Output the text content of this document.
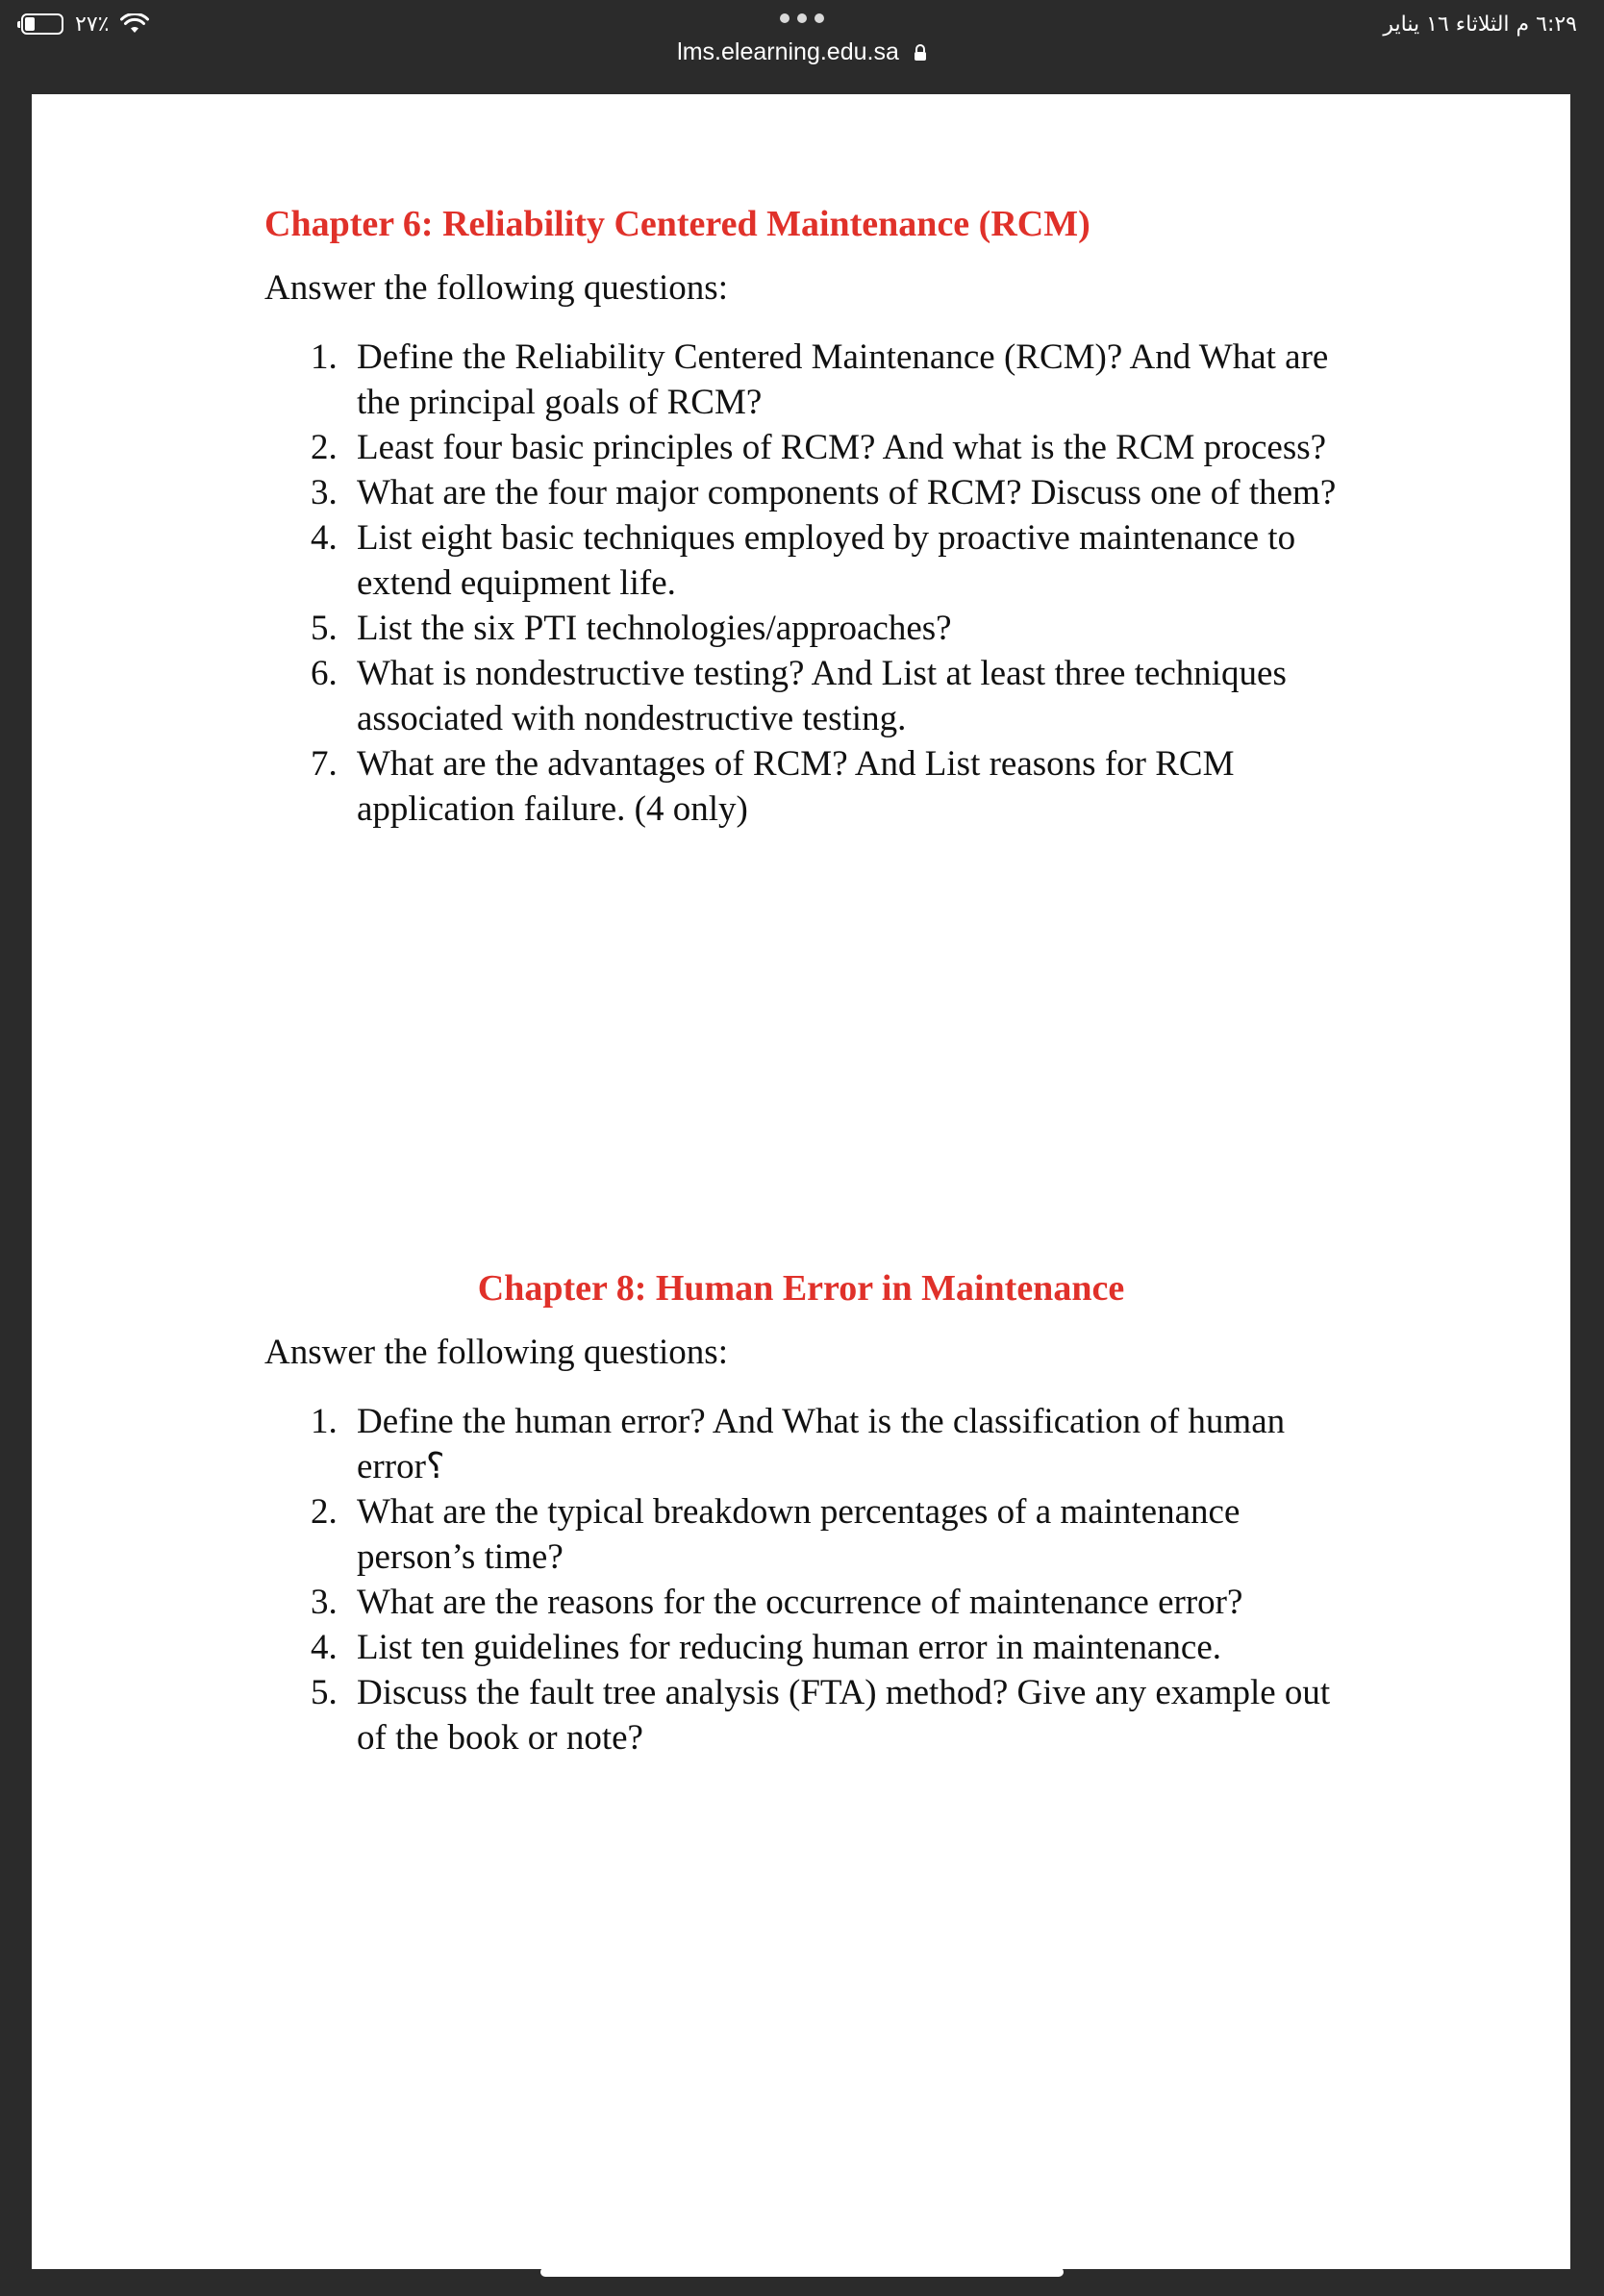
٢٧٪
lms.elearning.edu.sa
٦:٢٩ م الثلاثاء ١٦ يناير
Chapter 6: Reliability Centered Maintenance (RCM)

Answer the following questions:

1. Define the Reliability Centered Maintenance (RCM)? And What are the principal goals of RCM?
2. Least four basic principles of RCM? And what is the RCM process?
3. What are the four major components of RCM? Discuss one of them?
4. List eight basic techniques employed by proactive maintenance to extend equipment life.
5. List the six PTI technologies/approaches?
6. What is nondestructive testing? And List at least three techniques associated with nondestructive testing.
7. What are the advantages of RCM? And List reasons for RCM application failure. (4 only)
Chapter 8: Human Error in Maintenance

Answer the following questions:

1. Define the human error? And What is the classification of human error؟
2. What are the typical breakdown percentages of a maintenance person’s time?
3. What are the reasons for the occurrence of maintenance error?
4. List ten guidelines for reducing human error in maintenance.
5. Discuss the fault tree analysis (FTA) method? Give any example out of the book or note?
